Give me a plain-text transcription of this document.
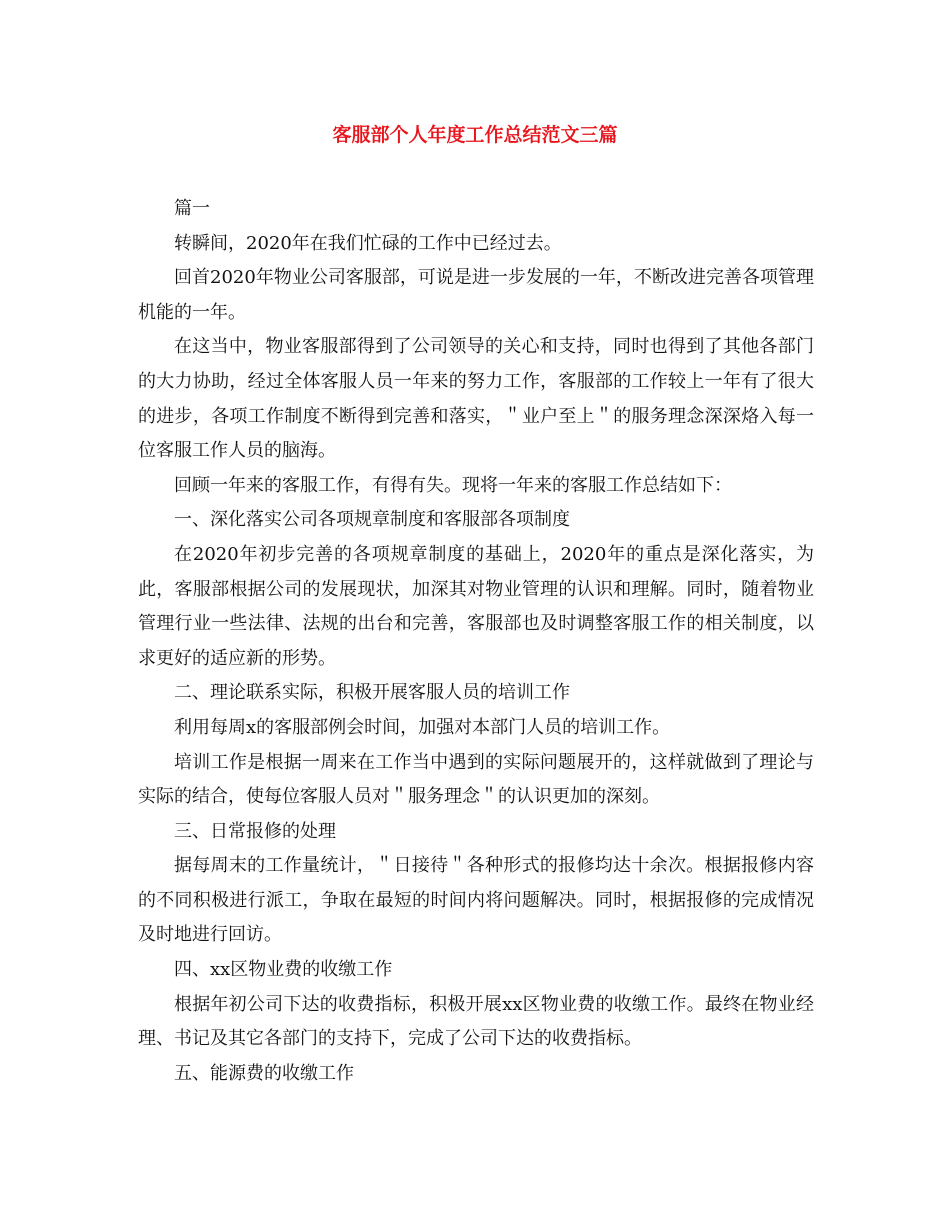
客服部个人年度工作总结范文三篇

篇一

转瞬间，2020年在我们忙碌的工作中已经过去。

回首2020年物业公司客服部，可说是进一步发展的一年，不断改进完善各项管理机能的一年。

在这当中，物业客服部得到了公司领导的关心和支持，同时也得到了其他各部门的大力协助，经过全体客服人员一年来的努力工作，客服部的工作较上一年有了很大的进步，各项工作制度不断得到完善和落实，＂业户至上＂的服务理念深深烙入每一位客服工作人员的脑海。

回顾一年来的客服工作，有得有失。现将一年来的客服工作总结如下：

一、深化落实公司各项规章制度和客服部各项制度

在2020年初步完善的各项规章制度的基础上，2020年的重点是深化落实，为此，客服部根据公司的发展现状，加深其对物业管理的认识和理解。同时，随着物业管理行业一些法律、法规的出台和完善，客服部也及时调整客服工作的相关制度，以求更好的适应新的形势。

二、理论联系实际，积极开展客服人员的培训工作

利用每周x的客服部例会时间，加强对本部门人员的培训工作。

培训工作是根据一周来在工作当中遇到的实际问题展开的，这样就做到了理论与实际的结合，使每位客服人员对＂服务理念＂的认识更加的深刻。

三、日常报修的处理

据每周末的工作量统计，＂日接待＂各种形式的报修均达十余次。根据报修内容的不同积极进行派工，争取在最短的时间内将问题解决。同时，根据报修的完成情况及时地进行回访。

四、xx区物业费的收缴工作

根据年初公司下达的收费指标，积极开展xx区物业费的收缴工作。最终在物业经理、书记及其它各部门的支持下，完成了公司下达的收费指标。

五、能源费的收缴工作
